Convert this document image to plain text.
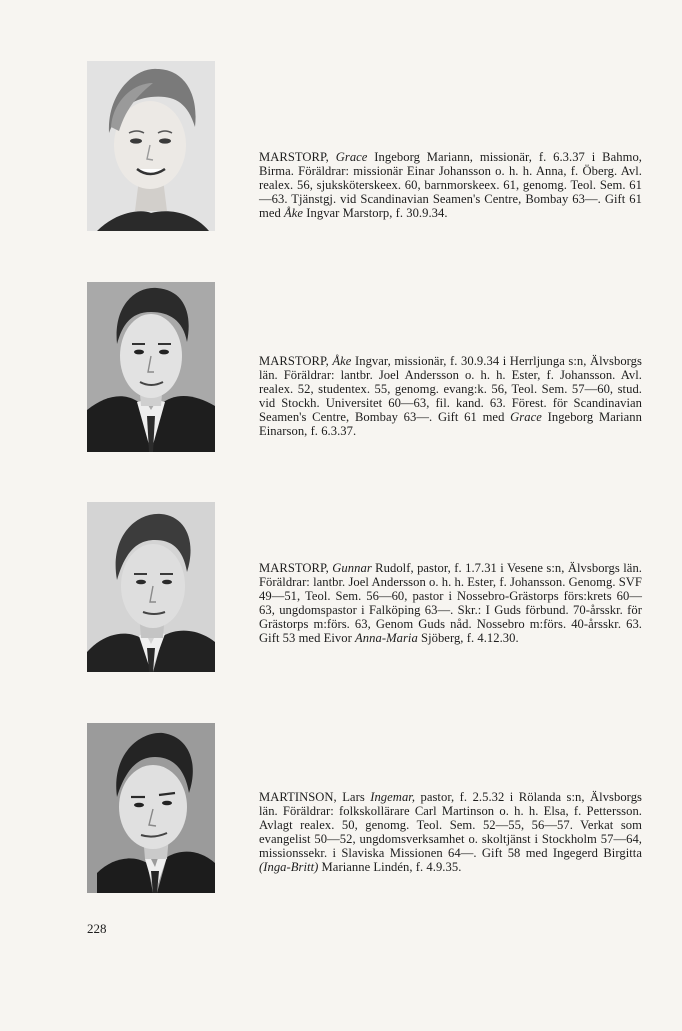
MARSTORP, Grace Ingeborg Mariann, missionär, f. 6.3.37 i Bahmo, Birma. Föräldrar: missionär Einar Johansson o. h. h. Anna, f. Öberg. Avl. realex. 56, sjuksköterskeex. 60, barnmorskeex. 61, genomg. Teol. Sem. 61—63. Tjänstgj. vid Scandinavian Seamen's Centre, Bombay 63—. Gift 61 med Åke Ingvar Marstorp, f. 30.9.34.
MARSTORP, Åke Ingvar, missionär, f. 30.9.34 i Herrljunga s:n, Älvsborgs län. Föräldrar: lantbr. Joel Andersson o. h. h. Ester, f. Johansson. Avl. realex. 52, studentex. 55, genomg. evang:k. 56, Teol. Sem. 57—60, stud. vid Stockh. Universitet 60—63, fil. kand. 63. Förest. för Scandinavian Seamen's Centre, Bombay 63—. Gift 61 med Grace Ingeborg Mariann Einarson, f. 6.3.37.
MARSTORP, Gunnar Rudolf, pastor, f. 1.7.31 i Vesene s:n, Älvsborgs län. Föräldrar: lantbr. Joel Andersson o. h. h. Ester, f. Johansson. Genomg. SVF 49—51, Teol. Sem. 56—60, pastor i Nossebro-Grästorps förs:krets 60—63, ungdomspastor i Falköping 63—. Skr.: I Guds förbund. 70-årsskr. för Grästorps m:förs. 63, Genom Guds nåd. Nossebro m:förs. 40-årsskr. 63. Gift 53 med Eivor Anna-Maria Sjöberg, f. 4.12.30.
MARTINSON, Lars Ingemar, pastor, f. 2.5.32 i Rölanda s:n, Älvsborgs län. Föräldrar: folkskollärare Carl Martinson o. h. h. Elsa, f. Pettersson. Avlagt realex. 50, genomg. Teol. Sem. 52—55, 56—57. Verkat som evangelist 50—52, ungdomsverksamhet o. skoltjänst i Stockholm 57—64, missionssekr. i Slaviska Missionen 64—. Gift 58 med Ingegerd Birgitta (Inga-Britt) Marianne Lindén, f. 4.9.35.
228
